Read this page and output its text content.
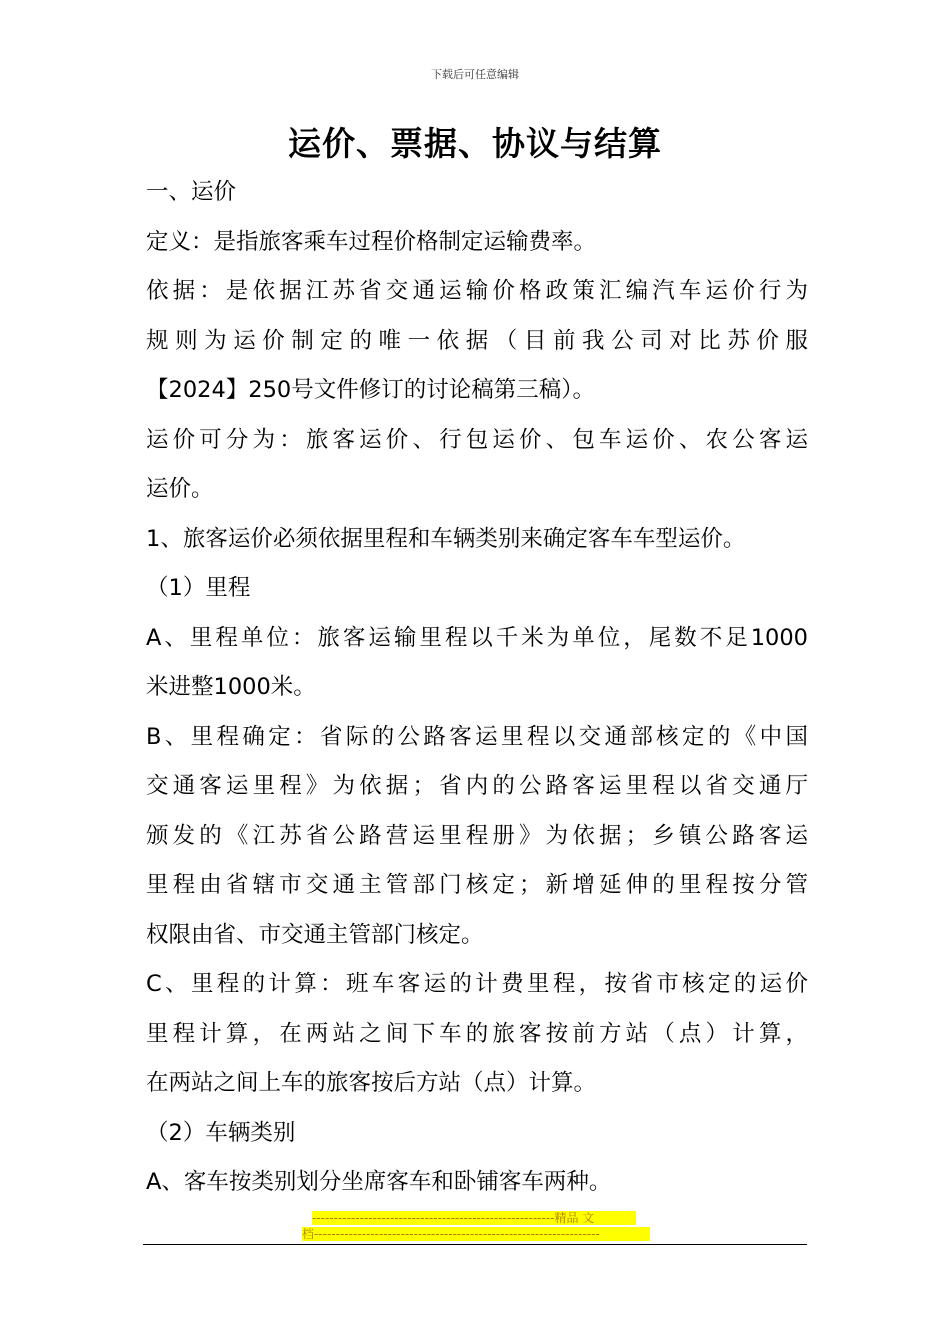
下载后可任意编辑
运价、票据、协议与结算
一、运价
定义：是指旅客乘车过程价格制定运输费率。
依据：是依据江苏省交通运输价格政策汇编汽车运价行为
规则为运价制定的唯一依据（目前我公司对比苏价服
【2024】250号文件修订的讨论稿第三稿）。
运价可分为：旅客运价、行包运价、包车运价、农公客运
运价。
1、旅客运价必须依据里程和车辆类别来确定客车车型运价。
（1）里程
A、里程单位：旅客运输里程以千米为单位，尾数不足1000
米进整1000米。
B、里程确定：省际的公路客运里程以交通部核定的《中国
交通客运里程》为依据；省内的公路客运里程以省交通厅
颁发的《江苏省公路营运里程册》为依据；乡镇公路客运
里程由省辖市交通主管部门核定；新增延伸的里程按分管
权限由省、市交通主管部门核定。
C、里程的计算：班车客运的计费里程，按省市核定的运价
里程计算，在两站之间下车的旅客按前方站（点）计算，
在两站之间上车的旅客按后方站（点）计算。
（2）车辆类别
A、客车按类别划分坐席客车和卧铺客车两种。
--------------------------------------------------------精品 文
档------------------------------------------------------------------
